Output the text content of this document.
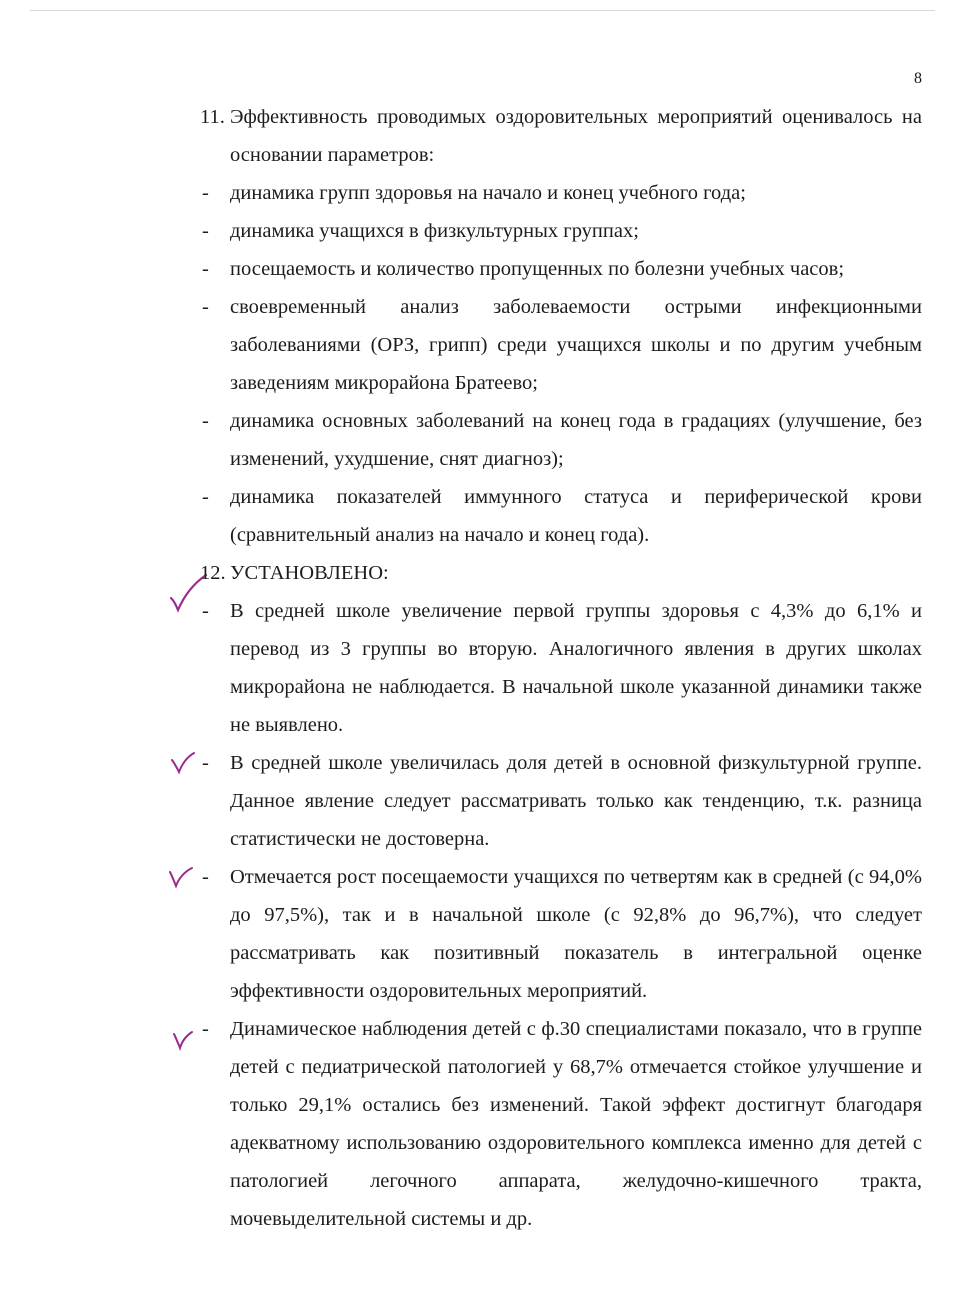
8
11. Эффективность проводимых оздоровительных мероприятий оценивалось на основании параметров:
- динамика групп здоровья на начало и конец учебного года;
- динамика учащихся в физкультурных группах;
- посещаемость и количество пропущенных по болезни учебных часов;
- своевременный анализ заболеваемости острыми инфекционными заболеваниями (ОРЗ, грипп) среди учащихся школы и по другим учебным заведениям микрорайона Братеево;
- динамика основных заболеваний на конец года в градациях (улучшение, без изменений, ухудшение, снят диагноз);
- динамика показателей иммунного статуса и периферической крови (сравнительный анализ на начало и конец года).
12. УСТАНОВЛЕНО:
- В средней школе увеличение первой группы здоровья с 4,3% до 6,1% и перевод из 3 группы во вторую. Аналогичного явления в других школах микрорайона не наблюдается. В начальной школе указанной динамики также не выявлено.
- В средней школе увеличилась доля детей в основной физкультурной группе. Данное явление следует рассматривать только как тенденцию, т.к. разница статистически не достоверна.
- Отмечается рост посещаемости учащихся по четвертям как в средней (с 94,0% до 97,5%), так и в начальной школе (с 92,8% до 96,7%), что следует рассматривать как позитивный показатель в интегральной оценке эффективности оздоровительных мероприятий.
- Динамическое наблюдения детей с ф.30 специалистами показало, что в группе детей с педиатрической патологией у 68,7% отмечается стойкое улучшение и только 29,1% остались без изменений. Такой эффект достигнут благодаря адекватному использованию оздоровительного комплекса именно для детей с патологией легочного аппарата, желудочно-кишечного тракта, мочевыделительной системы и др.
